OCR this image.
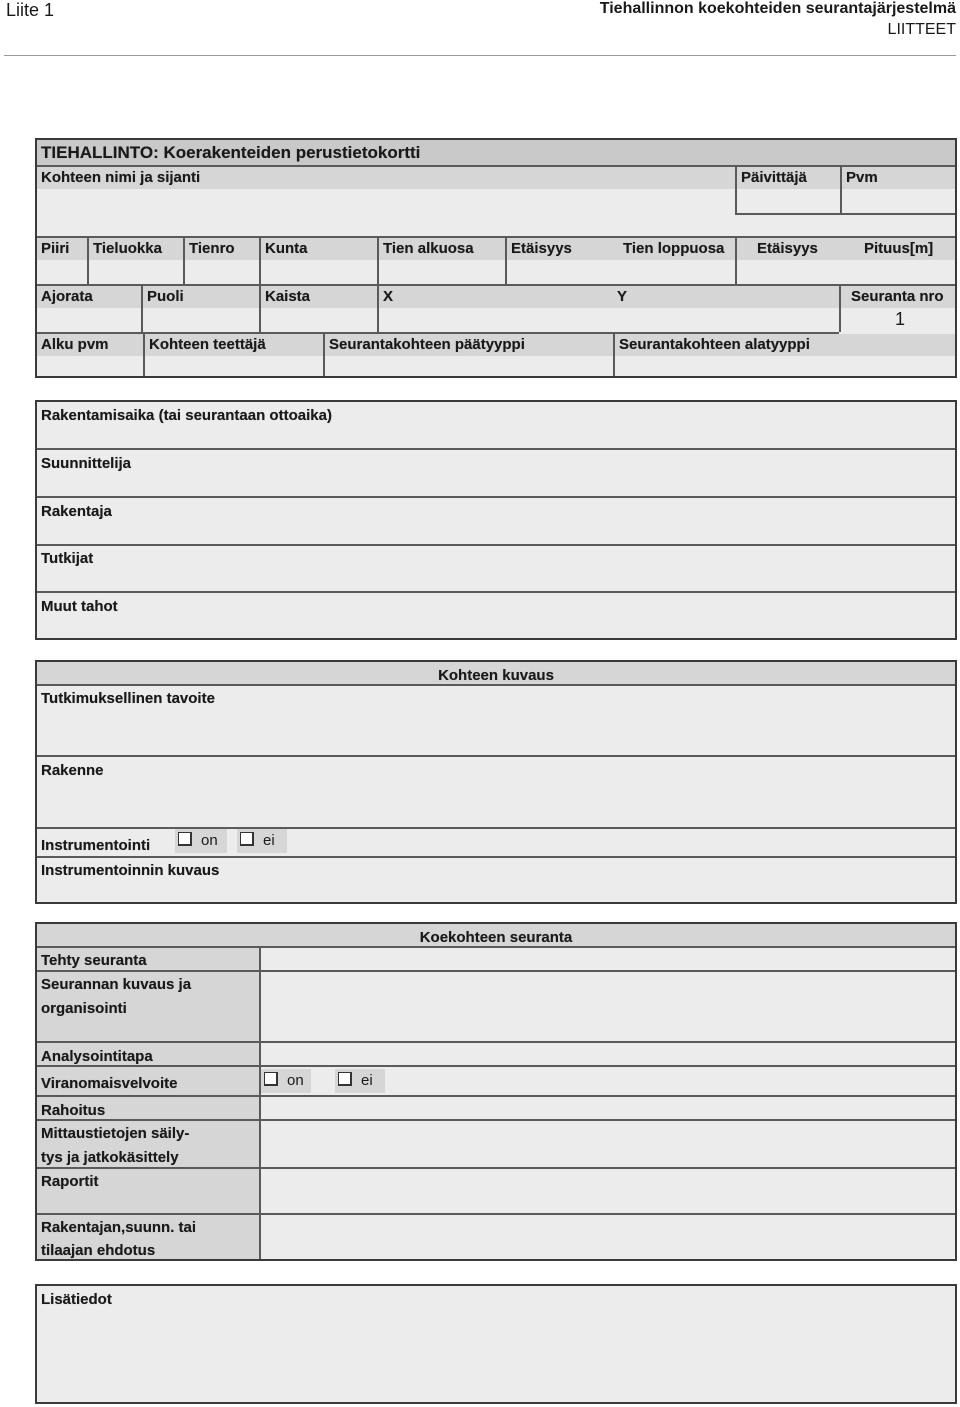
Liite 1	Tiehallinnon koekohteiden seurantajärjestelmä
LIITTEET
TIEHALLINTO: Koerakenteiden perustietokortti
Kohteen nimi ja sijanti	Päivittäjä	Pvm
Piiri	Tieluokka	Tienro	Kunta	Tien alkuosa	Etäisyys	Tien loppuosa	Etäisyys	Pituus[m]
Ajorata	Puoli	Kaista	X	Y	Seuranta nro
1
Alku pvm	Kohteen teettäjä	Seurantakohteen päätyyppi	Seurantakohteen alatyyppi
Rakentamisaika (tai seurantaan ottoaika)
Suunnittelija
Rakentaja
Tutkijat
Muut tahot
Kohteen kuvaus
Tutkimuksellinen tavoite
Rakenne
Instrumentointi	on	ei
Instrumentoinnin kuvaus
Koekohteen seuranta
Tehty seuranta
Seurannan kuvaus ja
organisointi
Analysointitapa
Viranomaisvelvoite	on	ei
Rahoitus
Mittaustietojen säily-
tys ja jatkokäsittely
Raportit
Rakentajan,suunn. tai
tilaajan ehdotus
Lisätiedot
